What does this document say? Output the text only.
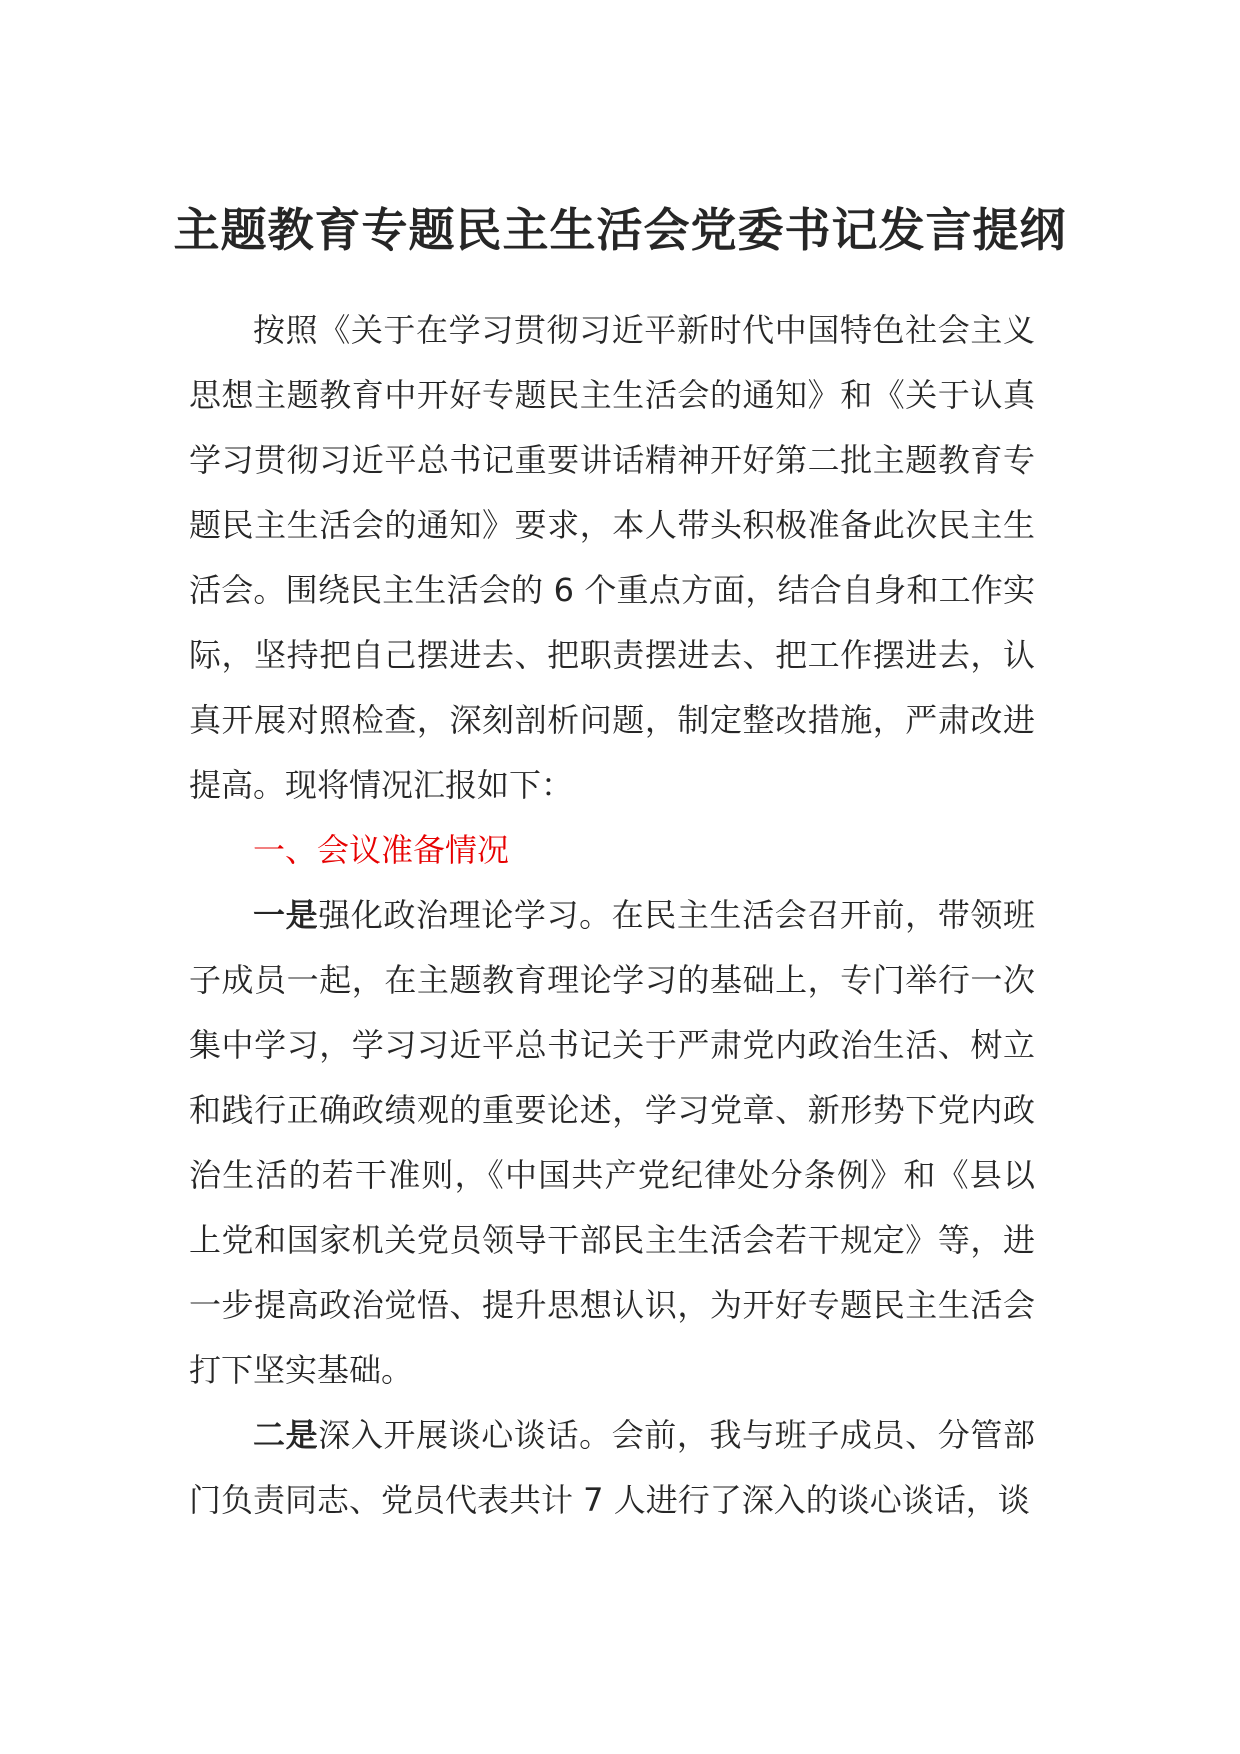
主题教育专题民主生活会党委书记发言提纲

按照《关于在学习贯彻习近平新时代中国特色社会主义思想主题教育中开好专题民主生活会的通知》和《关于认真学习贯彻习近平总书记重要讲话精神开好第二批主题教育专题民主生活会的通知》要求，本人带头积极准备此次民主生活会。围绕民主生活会的 6 个重点方面，结合自身和工作实际，坚持把自己摆进去、把职责摆进去、把工作摆进去，认真开展对照检查，深刻剖析问题，制定整改措施，严肃改进提高。现将情况汇报如下：

一、会议准备情况

一是强化政治理论学习。在民主生活会召开前，带领班子成员一起，在主题教育理论学习的基础上，专门举行一次集中学习，学习习近平总书记关于严肃党内政治生活、树立和践行正确政绩观的重要论述，学习党章、新形势下党内政治生活的若干准则，《中国共产党纪律处分条例》和《县以上党和国家机关党员领导干部民主生活会若干规定》等，进一步提高政治觉悟、提升思想认识，为开好专题民主生活会打下坚实基础。

二是深入开展谈心谈话。会前，我与班子成员、分管部门负责同志、党员代表共计 7 人进行了深入的谈心谈话，谈
